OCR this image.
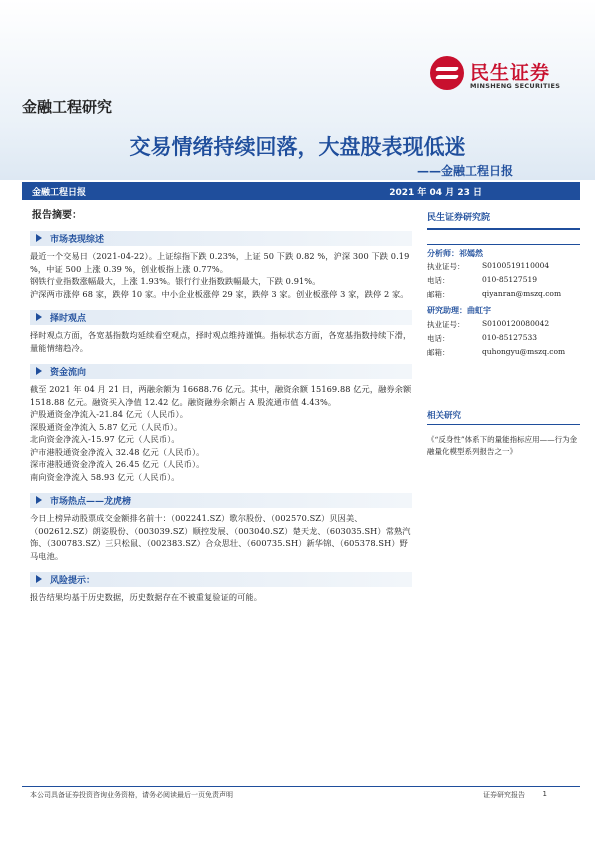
民生证券
MINSHENG SECURITIES
金融工程研究
交易情绪持续回落，大盘股表现低迷
——金融工程日报
金融工程日报	2021 年 04 月 23 日
报告摘要：
市场表现综述

最近一个交易日（2021-04-22）。上证综指下跌 0.23%，上证 50 下跌 0.82 %，沪深 300 下跌 0.19 %，中证 500 上涨 0.39 %，创业板指上涨 0.77%。

钢铁行业指数涨幅最大，上涨 1.93%。银行行业指数跌幅最大，下跌 0.91%。

沪深两市涨停 68 家，跌停 10 家。中小企业板涨停 29 家，跌停 3 家。创业板涨停 3 家，跌停 2 家。

择时观点

择时观点方面，各宽基指数均延续看空观点，择时观点维持谨慎。指标状态方面，各宽基指数持续下滑，量能情绪趋冷。

资金流向

截至 2021 年 04 月 21 日，两融余额为 16688.76 亿元。其中，融资余额 15169.88 亿元，融券余额 1518.88 亿元。融资买入净值 12.42 亿。融资融券余额占 A 股流通市值 4.43%。

沪股通资金净流入-21.84 亿元（人民币）。

深股通资金净流入 5.87 亿元（人民币）。

北向资金净流入-15.97 亿元（人民币）。

沪市港股通资金净流入 32.48 亿元（人民币）。

深市港股通资金净流入 26.45 亿元（人民币）。

南向资金净流入 58.93 亿元（人民币）。

市场热点——龙虎榜

今日上榜异动股票成交金额排名前十：（002241.SZ）歌尔股份、（002570.SZ）贝因美、（002612.SZ）朗姿股份、（003039.SZ）顺控发展、（003040.SZ）楚天龙、（603035.SH）常熟汽饰、（300783.SZ）三只松鼠、（002383.SZ）合众思壮、（600735.SH）新华锦、（605378.SH）野马电池。

风险提示：

报告结果均基于历史数据，历史数据存在不被重复验证的可能。

民生证券研究院
分析师：祁嫣然
执业证号： S0100519110004
电话：	010-85127519
邮箱：	qiyanran@mszq.com
研究助理：曲虹宇
执业证号： S0100120080042
电话：	010-85127533
邮箱：	quhongyu@mszq.com
相关研究
《“反身性”体系下的量能指标应用——行为金融量化模型系列报告之一》
本公司具备证券投资咨询业务资格，请务必阅读最后一页免责声明	证券研究报告	1
